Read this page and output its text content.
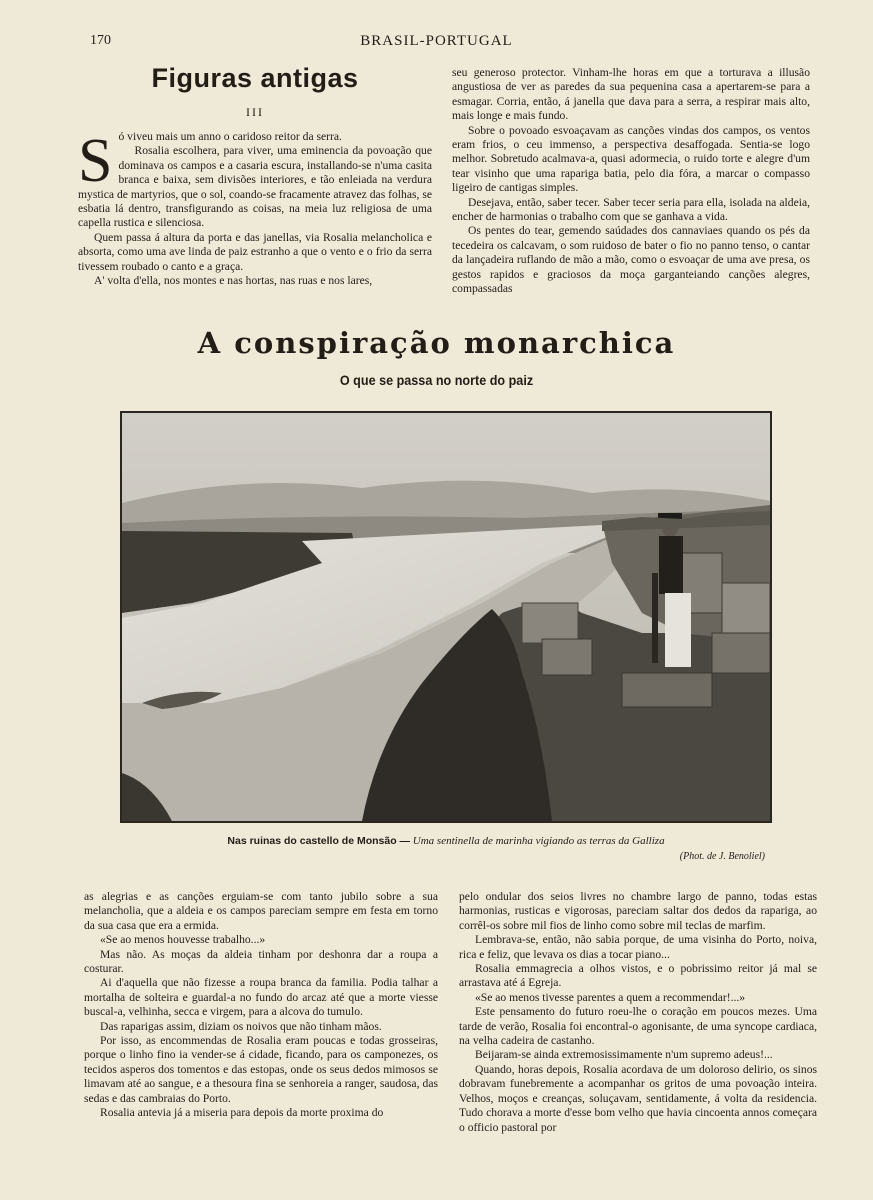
170	BRASIL-PORTUGAL
Figuras antigas
III

Só viveu mais um anno o caridoso reitor da serra.

Rosalia escolhera, para viver, uma eminencia da povoação que dominava os campos e a casaria escura, installando-se n'uma casita branca e baixa, sem divisões interiores, e tão enleiada na verdura mystica de martyrios, que o sol, coando-se fracamente atravez das folhas, se esbatia lá dentro, transfigurando as coisas, na meia luz religiosa de uma capella rustica e silenciosa.

Quem passa á altura da porta e das janellas, via Rosalia melancholica e absorta, como uma ave linda de paiz estranho a que o vento e o frio da serra tivessem roubado o canto e a graça.

A' volta d'ella, nos montes e nas hortas, nas ruas e nos lares,

seu generoso protector. Vinham-lhe horas em que a torturava a illusão angustiosa de ver as paredes da sua pequenina casa a apertarem-se para a esmagar. Corria, então, á janella que dava para a serra, a respirar mais alto, mais longe e mais fundo.

Sobre o povoado esvoaçavam as canções vindas dos campos, os ventos eram frios, o ceu immenso, a perspectiva desaffogada. Sentia-se logo melhor. Sobretudo acalmava-a, quasi adormecia, o ruido torte e alegre d'um tear visinho que uma rapariga batia, pelo dia fóra, a marcar o compasso ligeiro de cantigas simples.

Desejava, então, saber tecer. Saber tecer seria para ella, isolada na aldeia, encher de harmonias o trabalho com que se ganhava a vida.

Os pentes do tear, gemendo saúdades dos cannaviaes quando os pés da tecedeira os calcavam, o som ruidoso de bater o fio no panno tenso, o cantar da lançadeira ruflando de mão a mão, como o esvoaçar de uma ave presa, os gestos rapidos e graciosos da moça garganteiando canções alegres, compassadas

A conspiração monarchica
O que se passa no norte do paiz
Nas ruinas do castello de Monsão — Uma sentinella de marinha vigiando as terras da Galliza
(Phot. de J. Benoliel)

as alegrias e as canções erguiam-se com tanto jubilo sobre a sua melancholia, que a aldeia e os campos pareciam sempre em festa em torno da sua casa que era a ermida.

«Se ao menos houvesse trabalho...»

Mas não. As moças da aldeia tinham por deshonra dar a roupa a costurar.

Ai d'aquella que não fizesse a roupa branca da familia. Podia talhar a mortalha de solteira e guardal-a no fundo do arcaz até que a morte viesse buscal-a, velhinha, secca e virgem, para a alcova do tumulo.

Das raparigas assim, diziam os noivos que não tinham mãos.

Por isso, as encommendas de Rosalia eram poucas e todas grosseiras, porque o linho fino ia vender-se á cidade, ficando, para os camponezes, os tecidos asperos dos tomentos e das estopas, onde os seus dedos mimosos se limavam até ao sangue, e a thesoura fina se senhoreia a ranger, saudosa, das sedas e das cambraias do Porto.

Rosalia antevia já a miseria para depois da morte proxima do

pelo ondular dos seios livres no chambre largo de panno, todas estas harmonias, rusticas e vigorosas, pareciam saltar dos dedos da rapariga, ao corrêl-os sobre mil fios de linho como sobre mil teclas de marfim.

Lembrava-se, então, não sabia porque, de uma visinha do Porto, noiva, rica e feliz, que levava os dias a tocar piano...

Rosalia emmagrecia a olhos vistos, e o pobrissimo reitor já mal se arrastava até á Egreja.

«Se ao menos tivesse parentes a quem a recommendar!...»

Este pensamento do futuro roeu-lhe o coração em poucos mezes. Uma tarde de verão, Rosalia foi encontral-o agonisante, de uma syncope cardiaca, na velha cadeira de castanho.

Beijaram-se ainda extremosissimamente n'um supremo adeus!...

Quando, horas depois, Rosalia acordava de um doloroso delirio, os sinos dobravam funebremente a acompanhar os gritos de uma povoação inteira. Velhos, moços e creanças, soluçavam, sentidamente, á volta da residencia. Tudo chorava a morte d'esse bom velho que havia cincoenta annos começara o officio pastoral por
